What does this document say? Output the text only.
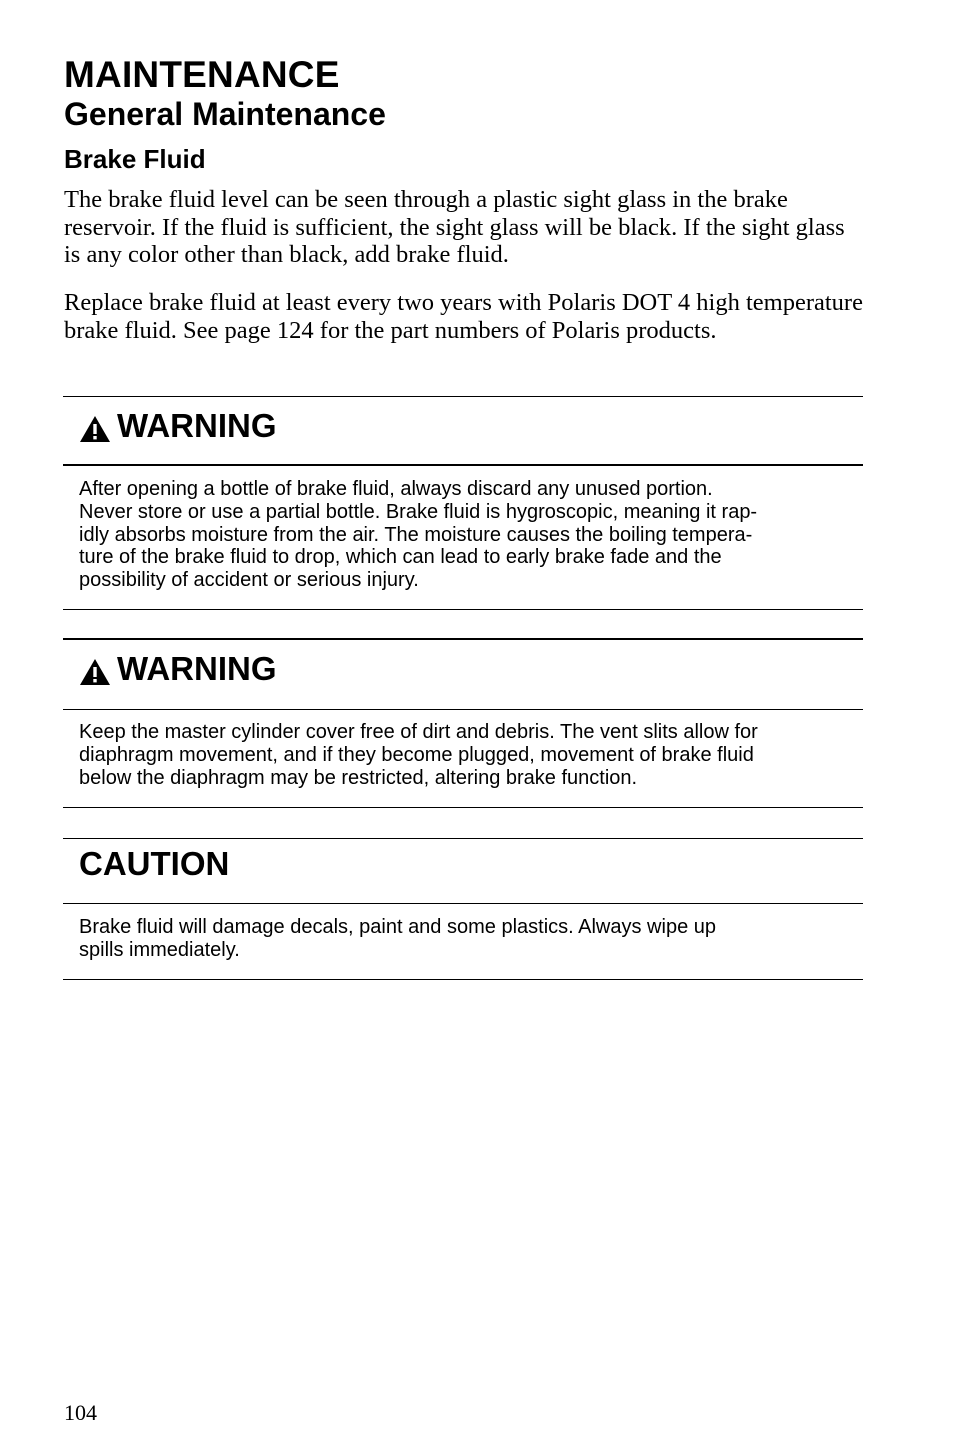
MAINTENANCE
General Maintenance
Brake Fluid

The brake fluid level can be seen through a plastic sight glass in the brake reservoir. If the fluid is sufficient, the sight glass will be black. If the sight glass is any color other than black, add brake fluid.

Replace brake fluid at least every two years with Polaris DOT 4 high temperature brake fluid. See page 124 for the part numbers of Polaris products.

WARNING

After opening a bottle of brake fluid, always discard any unused portion.
Never store or use a partial bottle. Brake fluid is hygroscopic, meaning it rap-
idly absorbs moisture from the air. The moisture causes the boiling tempera-
ture of the brake fluid to drop, which can lead to early brake fade and the
possibility of accident or serious injury.

WARNING

Keep the master cylinder cover free of dirt and debris. The vent slits allow for
diaphragm movement, and if they become plugged, movement of brake fluid
below the diaphragm may be restricted, altering brake function.

CAUTION

Brake fluid will damage decals, paint and some plastics. Always wipe up
spills immediately.

104
